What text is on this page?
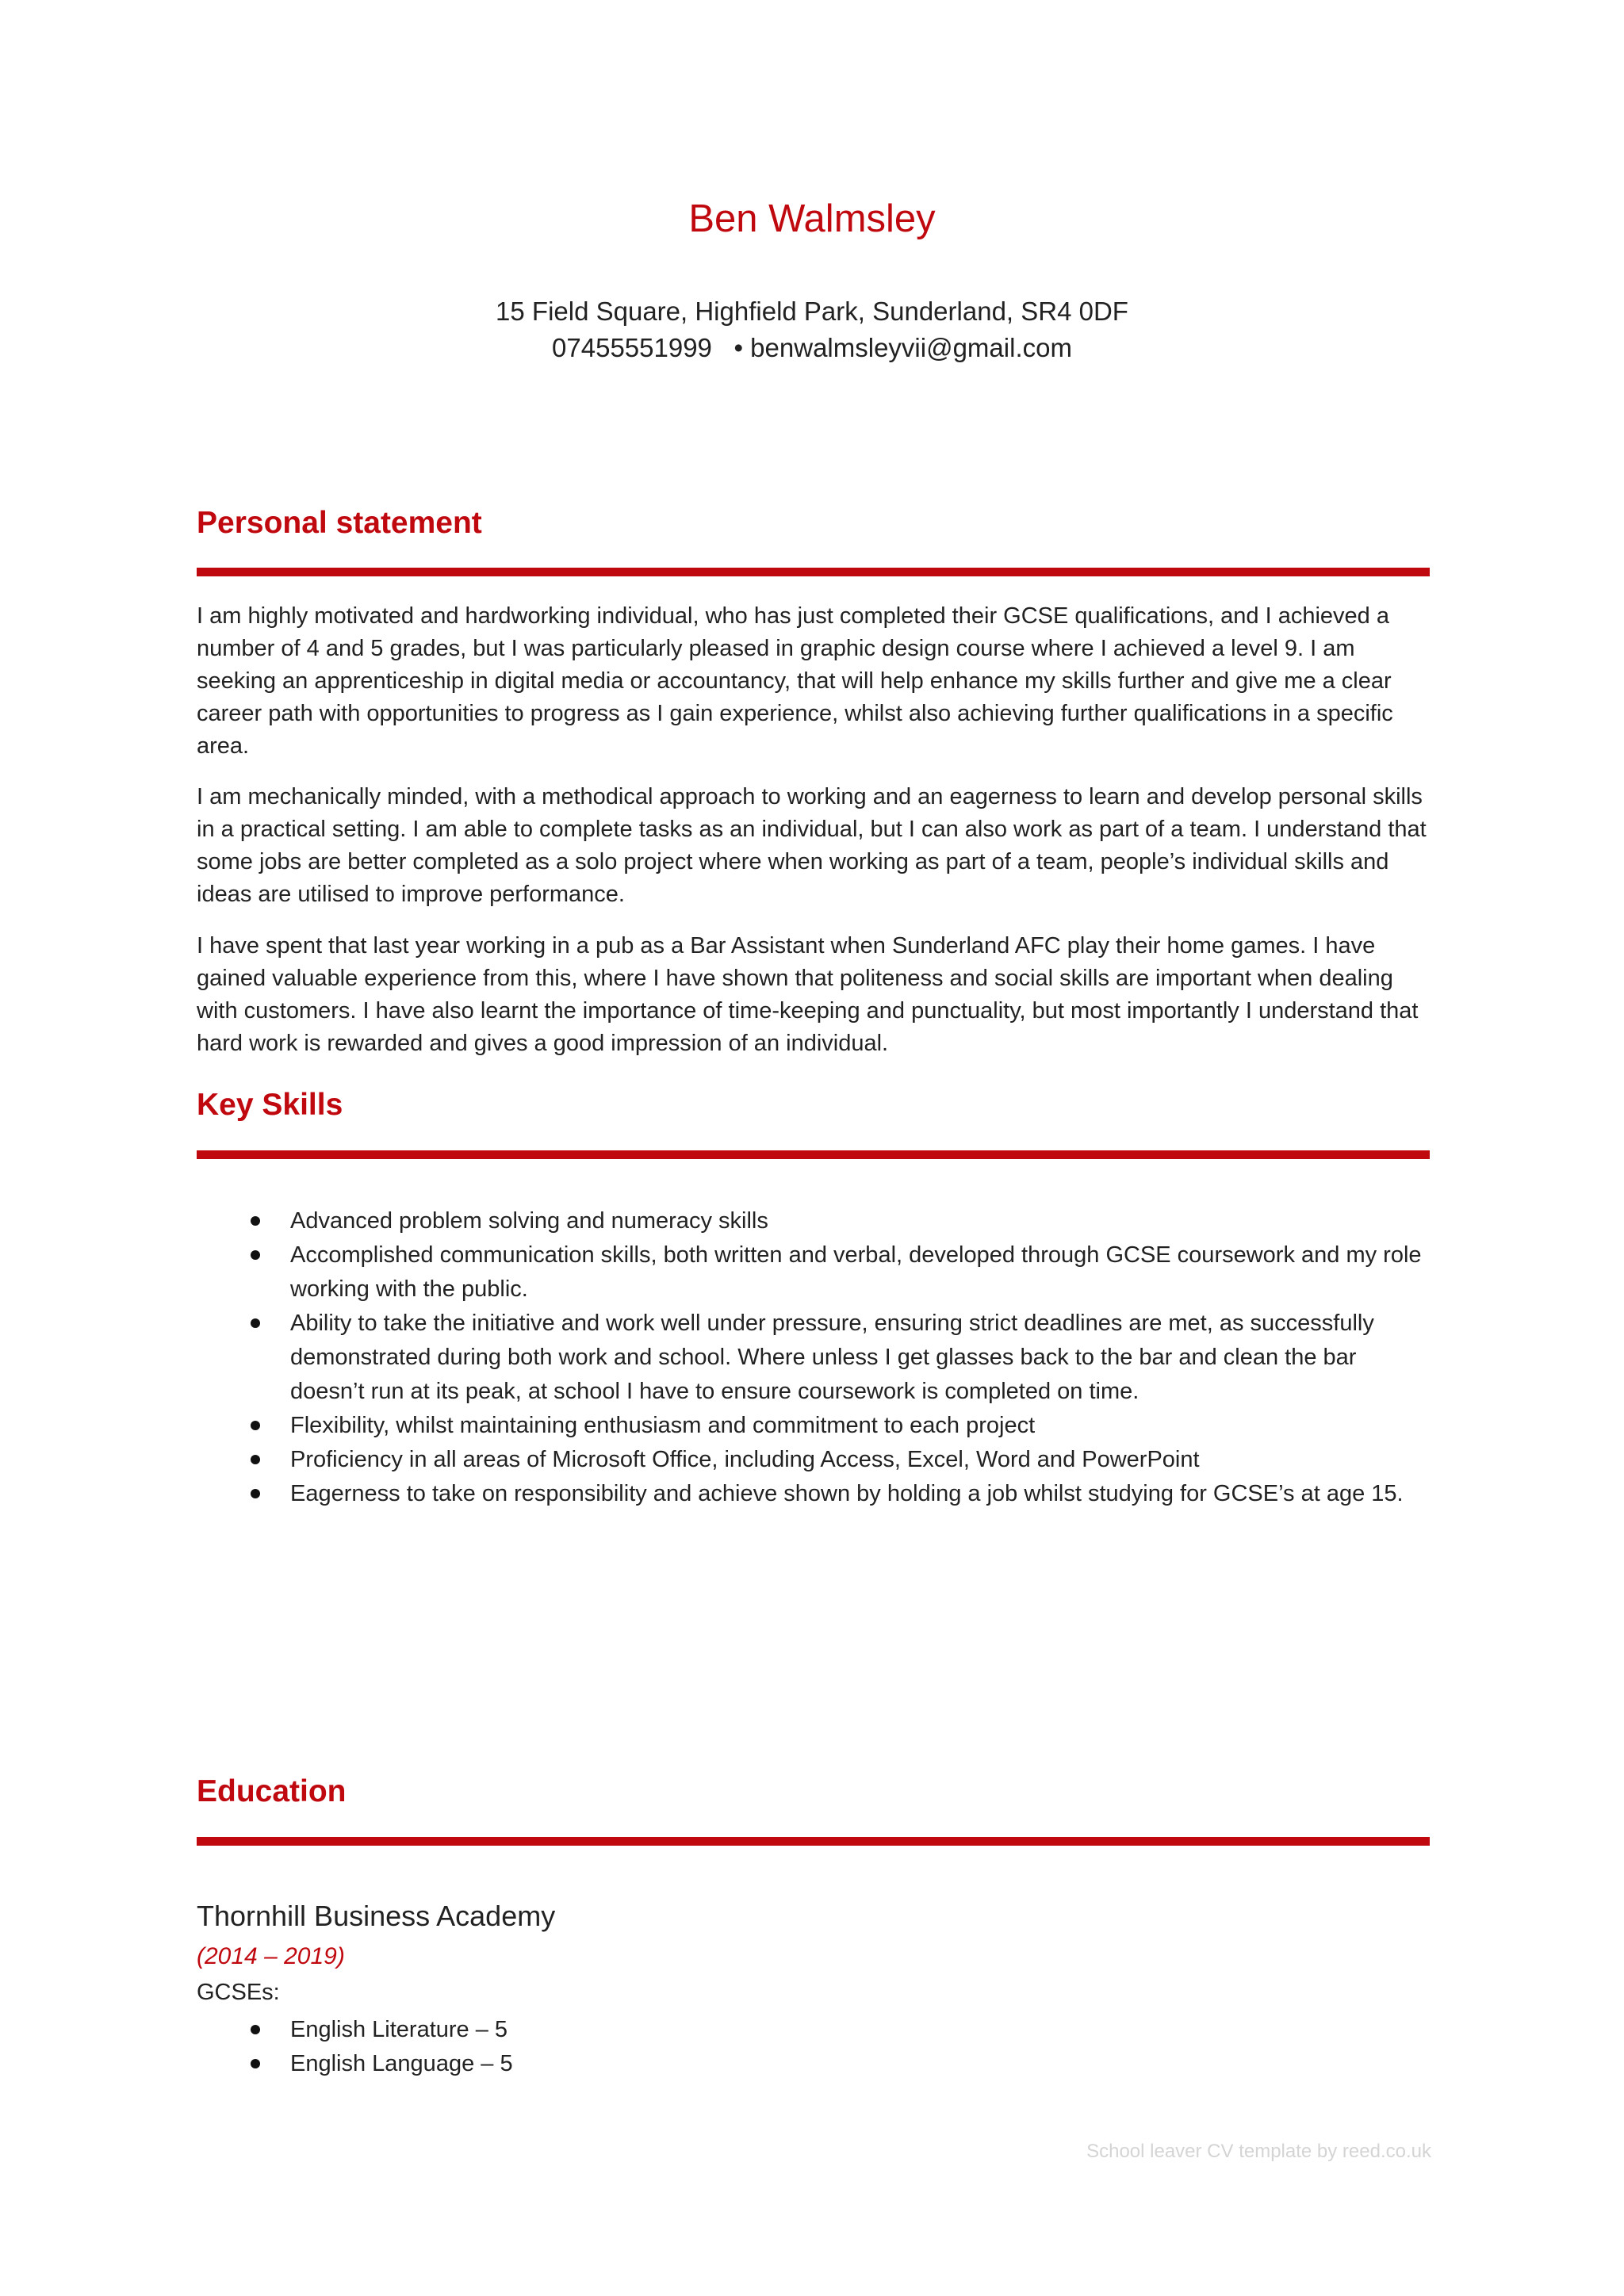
Ben Walmsley

15 Field Square, Highfield Park, Sunderland, SR4 0DF

07455551999 • benwalmsleyvii@gmail.com

Personal statement

I am highly motivated and hardworking individual, who has just completed their GCSE qualifications, and I achieved a number of 4 and 5 grades, but I was particularly pleased in graphic design course where I achieved a level 9. I am seeking an apprenticeship in digital media or accountancy, that will help enhance my skills further and give me a clear career path with opportunities to progress as I gain experience, whilst also achieving further qualifications in a specific area.

I am mechanically minded, with a methodical approach to working and an eagerness to learn and develop personal skills in a practical setting. I am able to complete tasks as an individual, but I can also work as part of a team. I understand that some jobs are better completed as a solo project where when working as part of a team, people’s individual skills and ideas are utilised to improve performance.

I have spent that last year working in a pub as a Bar Assistant when Sunderland AFC play their home games. I have gained valuable experience from this, where I have shown that politeness and social skills are important when dealing with customers. I have also learnt the importance of time-keeping and punctuality, but most importantly I understand that hard work is rewarded and gives a good impression of an individual.

Key Skills
Advanced problem solving and numeracy skills
Accomplished communication skills, both written and verbal, developed through GCSE coursework and my role working with the public.
Ability to take the initiative and work well under pressure, ensuring strict deadlines are met, as successfully demonstrated during both work and school. Where unless I get glasses back to the bar and clean the bar doesn’t run at its peak, at school I have to ensure coursework is completed on time.
Flexibility, whilst maintaining enthusiasm and commitment to each project
Proficiency in all areas of Microsoft Office, including Access, Excel, Word and PowerPoint
Eagerness to take on responsibility and achieve shown by holding a job whilst studying for GCSE’s at age 15.
Education
Thornhill Business Academy

(2014 – 2019)

GCSEs:

English Literature – 5
English Language – 5

School leaver CV template by reed.co.uk
